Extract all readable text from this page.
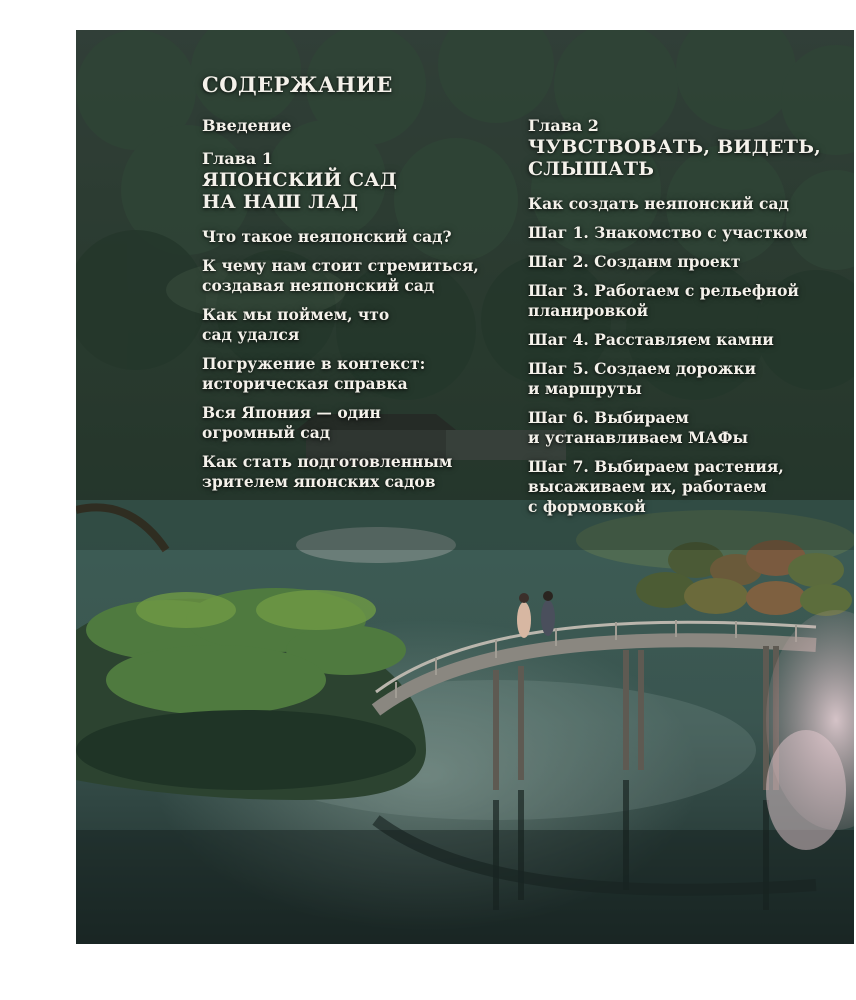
СОДЕРЖАНИЕ
Введение
Глава 1
ЯПОНСКИЙ САД
НА НАШ ЛАД
Что такое неяпонский сад?
К чему нам стоит стремиться,
создавая неяпонский сад
Как мы поймем, что
сад удался
Погружение в контекст:
историческая справка
Вся Япония — один
огромный сад
Как стать подготовленным
зрителем японских садов
Глава 2
ЧУВСТВОВАТЬ, ВИДЕТЬ,
СЛЫШАТЬ
Как создать неяпонский сад
Шаг 1. Знакомство с участком
Шаг 2. Созданм проект
Шаг 3. Работаем с рельефной
планировкой
Шаг 4. Расставляем камни
Шаг 5. Создаем дорожки
и маршруты
Шаг 6. Выбираем
и устанавливаем МАФы
Шаг 7. Выбираем растения,
высаживаем их, работаем
с формовкой
